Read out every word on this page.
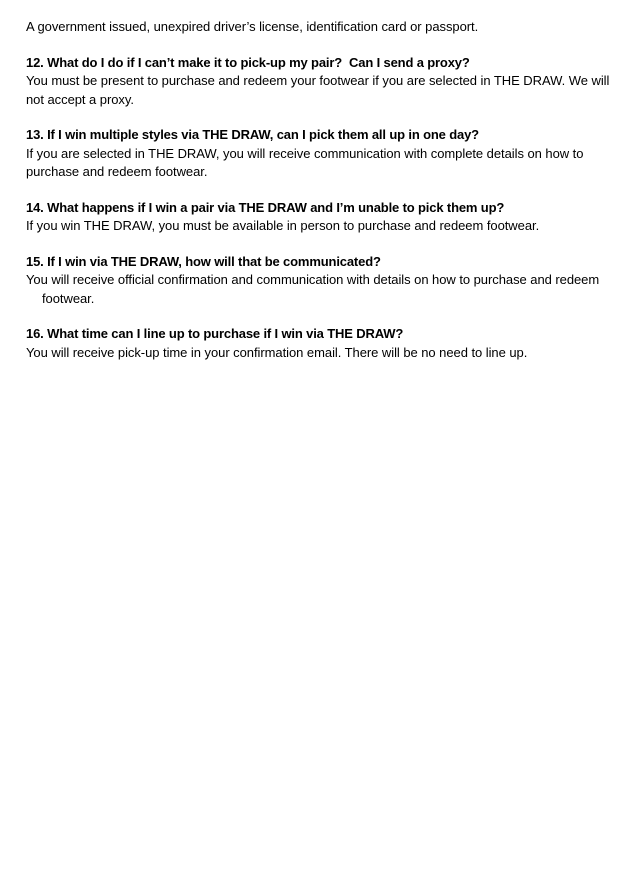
A government issued, unexpired driver’s license, identification card or passport.

12. What do I do if I can’t make it to pick-up my pair?  Can I send a proxy?

You must be present to purchase and redeem your footwear if you are selected in THE DRAW. We will not accept a proxy.

13. If I win multiple styles via THE DRAW, can I pick them all up in one day?

If you are selected in THE DRAW, you will receive communication with complete details on how to purchase and redeem footwear.

14. What happens if I win a pair via THE DRAW and I’m unable to pick them up?

If you win THE DRAW, you must be available in person to purchase and redeem footwear.

15. If I win via THE DRAW, how will that be communicated?

You will receive official confirmation and communication with details on how to purchase and redeem footwear.

16. What time can I line up to purchase if I win via THE DRAW?

You will receive pick-up time in your confirmation email. There will be no need to line up.
